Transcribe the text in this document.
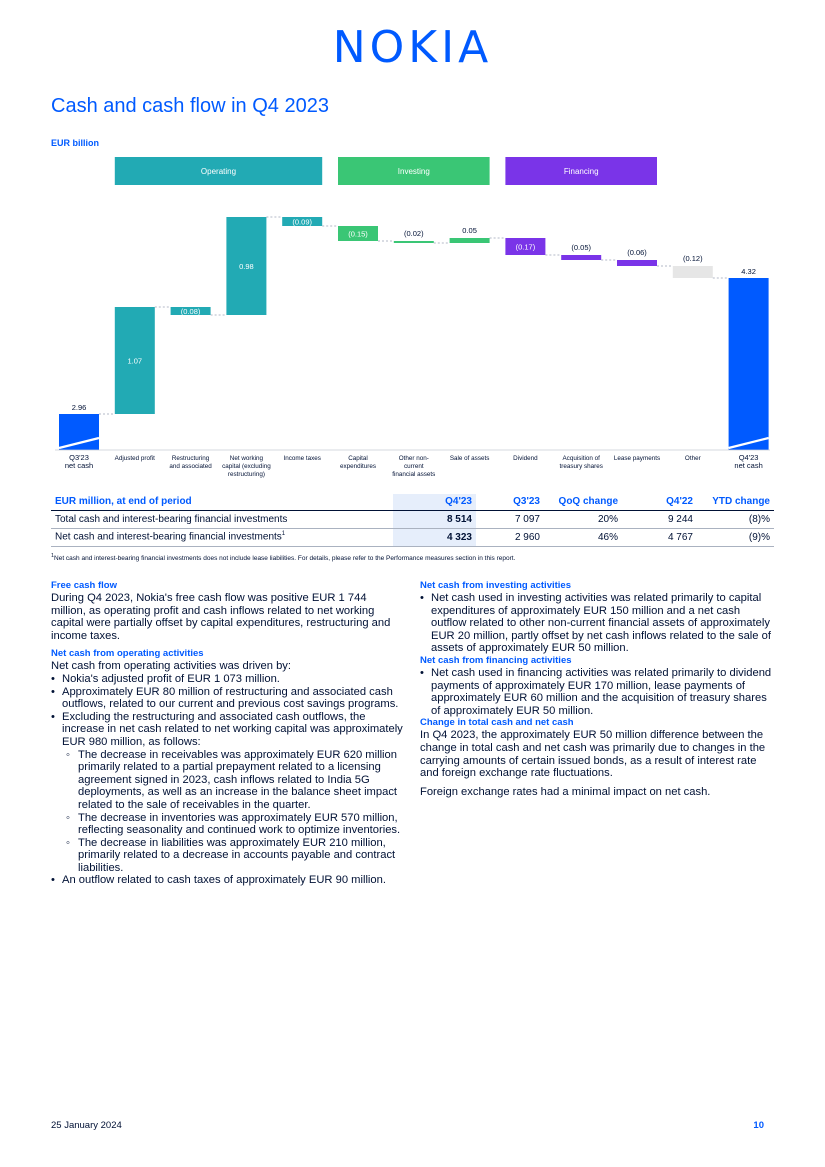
NOKIA
Cash and cash flow in Q4 2023
EUR billion
Operating	Investing	Financing
2.96
1.07
(0.08)
0.98
(0.09)
(0.15)	(0.02)	0.05
(0.17)	(0.05)
(0.06)
(0.12)
4.32
Q3'23 net cash
Adjusted profit	Restructuring and associated
Net working capital (excluding restructuring)
Income taxes	Capital expenditures
Other non-current financial assets
Sale of assets	Dividend	Acquisition of treasury shares
Lease payments	Other	Q4'23 net cash
EUR million, at end of period	Q4'23	Q3'23	QoQ change	Q4'22	YTD change
Total cash and interest-bearing financial investments	8 514	7 097	20%	9 244	(8)%
Net cash and interest-bearing financial investments$^1$	4 323	2 960	46%	4 767	(9)%
$^1$Net cash and interest-bearing financial investments does not include lease liabilities. For details, please refer to the Performance measures section in this report.
Free cash flow

During Q4 2023, Nokia's free cash flow was positive EUR 1 744 million, as operating profit and cash inflows related to net working capital were partially offset by capital expenditures, restructuring and income taxes.

Net cash from operating activities

Net cash from operating activities was driven by:

• Nokia's adjusted profit of EUR 1 073 million.
• Approximately EUR 80 million of restructuring and associated cash outflows, related to our current and previous cost savings programs.
• Excluding the restructuring and associated cash outflows, the increase in net cash related to net working capital was approximately EUR 980 million, as follows:
◦ The decrease in receivables was approximately EUR 620 million primarily related to a partial prepayment related to a licensing agreement signed in 2023, cash inflows related to India 5G deployments, as well as an increase in the balance sheet impact related to the sale of receivables in the quarter.
◦ The decrease in inventories was approximately EUR 570 million, reflecting seasonality and continued work to optimize inventories.
◦ The decrease in liabilities was approximately EUR 210 million, primarily related to a decrease in accounts payable and contract liabilities.
• An outflow related to cash taxes of approximately EUR 90 million.
Net cash from investing activities
• Net cash used in investing activities was related primarily to capital expenditures of approximately EUR 150 million and a net cash outflow related to other non-current financial assets of approximately EUR 20 million, partly offset by net cash inflows related to the sale of assets of approximately EUR 50 million.
Net cash from financing activities
• Net cash used in financing activities was related primarily to dividend payments of approximately EUR 170 million, lease payments of approximately EUR 60 million and the acquisition of treasury shares of approximately EUR 50 million.
Change in total cash and net cash

In Q4 2023, the approximately EUR 50 million difference between the change in total cash and net cash was primarily due to changes in the carrying amounts of certain issued bonds, as a result of interest rate and foreign exchange rate fluctuations.

Foreign exchange rates had a minimal impact on net cash.

25 January 2024	10
